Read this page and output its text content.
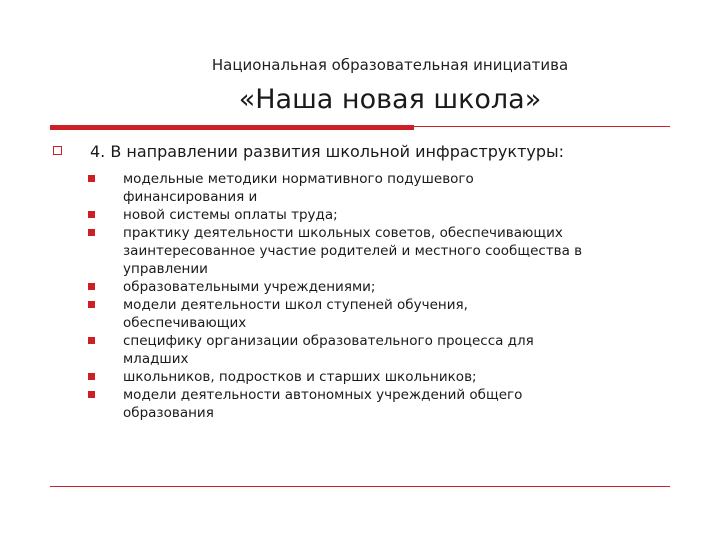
Национальная образовательная инициатива
«Наша новая школа»
4. В направлении развития школьной инфраструктуры:
модельные методики нормативного подушевого
финансирования и
новой системы оплаты труда;
практику деятельности школьных советов, обеспечивающих
заинтересованное участие родителей и местного сообщества в
управлении
образовательными учреждениями;
модели деятельности школ ступеней обучения,
обеспечивающих
специфику организации образовательного процесса для
младших
школьников, подростков и старших школьников;
модели деятельности автономных учреждений общего
образования
